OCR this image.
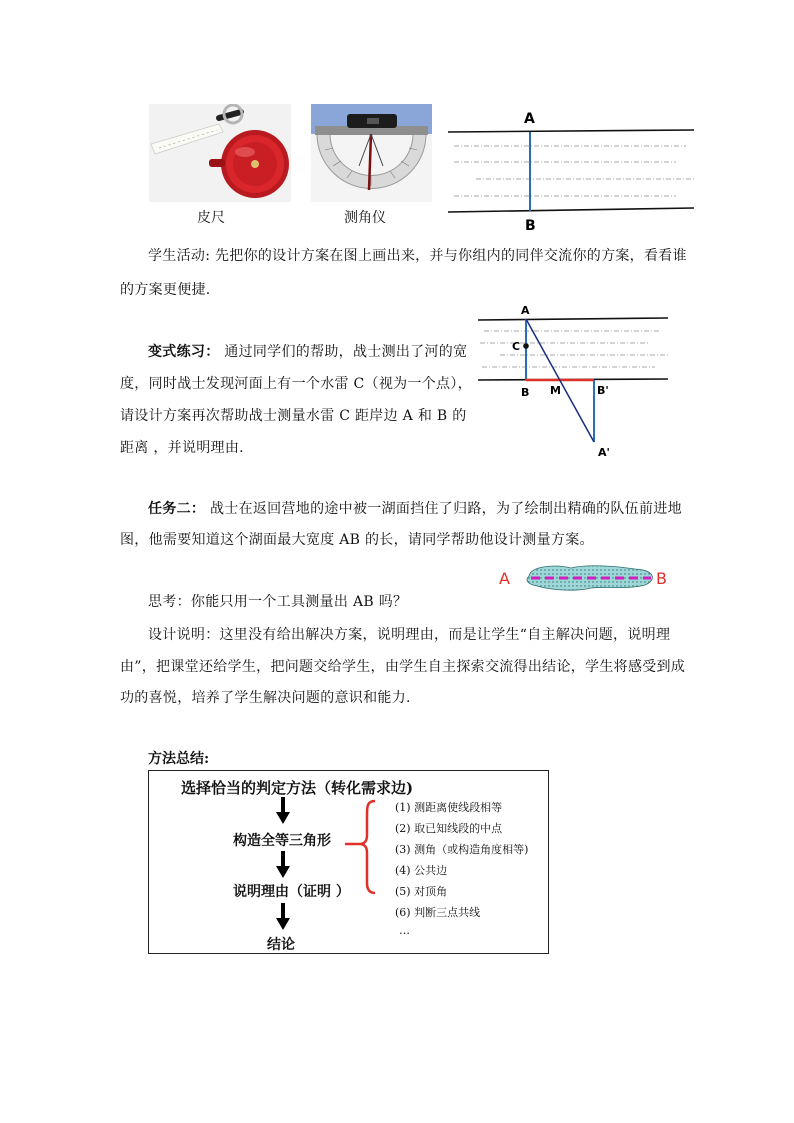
皮尺	测角仪
A
B
学生活动: 先把你的设计方案在图上画出来，并与你组内的同伴交流你的方案，看看谁
的方案更便捷.
变式练习： 通过同学们的帮助，战士测出了河的宽
度，同时战士发现河面上有一个水雷 C（视为一个点），
请设计方案再次帮助战士测量水雷 C 距岸边 A 和 B 的
距离 ，并说明理由.
A
C
B M	B'
A'
任务二： 战士在返回营地的途中被一湖面挡住了归路，为了绘制出精确的队伍前进地
图，他需要知道这个湖面最大宽度 AB 的长，请同学帮助他设计测量方案。
A	B
思考：你能只用一个工具测量出 AB 吗？
设计说明：这里没有给出解决方案，说明理由，而是让学生“自主解决问题，说明理
由”，把课堂还给学生，把问题交给学生，由学生自主探索交流得出结论，学生将感受到成
功的喜悦，培养了学生解决问题的意识和能力.
方法总结:
选择恰当的判定方法（转化需求边)
构造全等三角形
说明理由（证明 ）
结论
(1) 测距离使线段相等
(2) 取已知线段的中点
(3) 测角（或构造角度相等)
(4) 公共边
(5) 对顶角
(6) 判断三点共线
…
